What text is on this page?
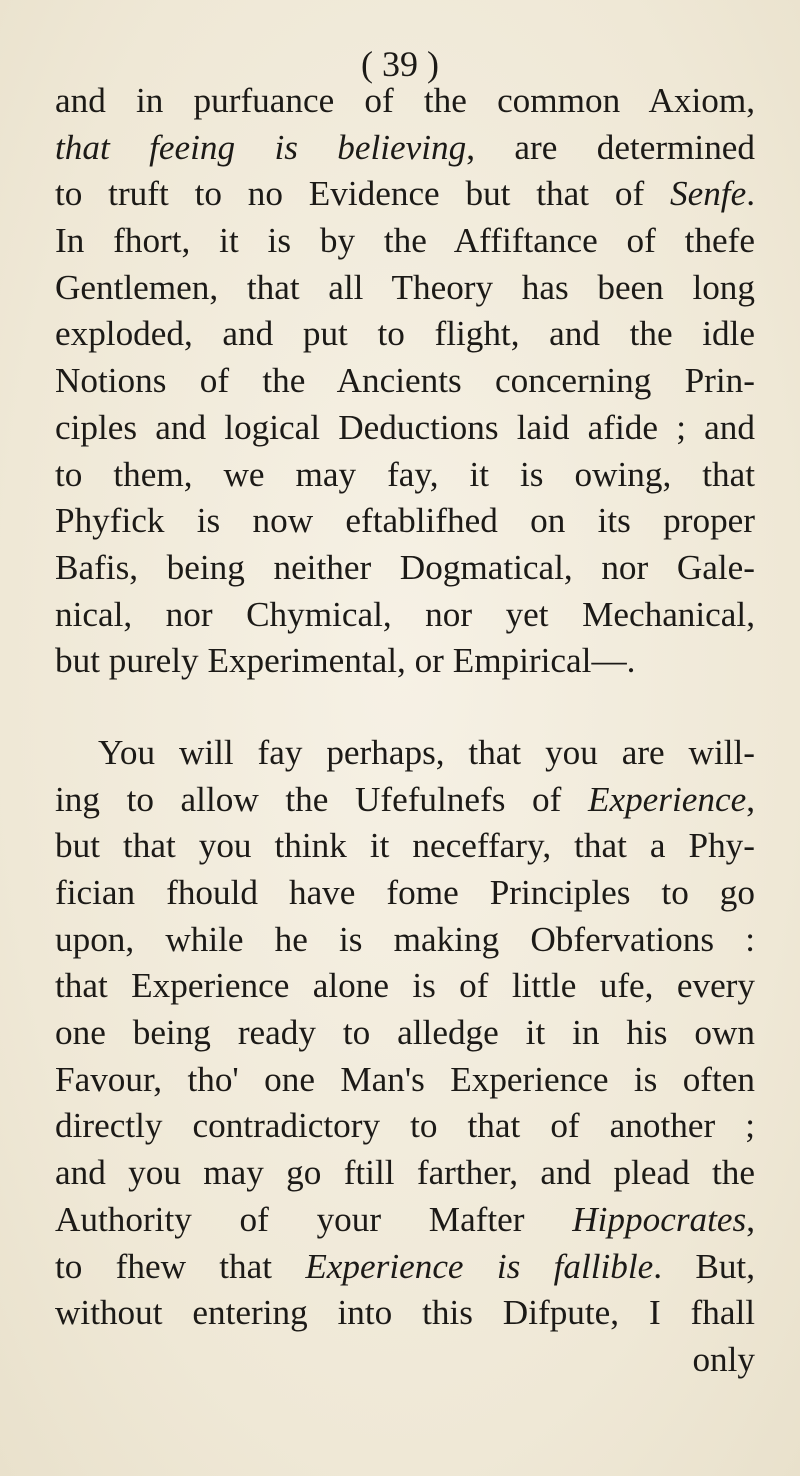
( 39 )
and in purfuance of the common Axiom,
that feeing is believing, are determined
to truft to no Evidence but that of Senfe.
In fhort, it is by the Affiftance of thefe
Gentlemen, that all Theory has been long
exploded, and put to flight, and the idle
Notions of the Ancients concerning Prin-
ciples and logical Deductions laid afide ; and
to them, we may fay, it is owing, that
Phyfick is now eftablifhed on its proper
Bafis, being neither Dogmatical, nor Gale-
nical, nor Chymical, nor yet Mechanical,
but purely Experimental, or Empirical—.
You will fay perhaps, that you are will-
ing to allow the Ufefulnefs of Experience,
but that you think it neceffary, that a Phy-
fician fhould have fome Principles to go
upon, while he is making Obfervations :
that Experience alone is of little ufe, every
one being ready to alledge it in his own
Favour, tho' one Man's Experience is often
directly contradictory to that of another ;
and you may go ftill farther, and plead the
Authority of your Mafter Hippocrates,
to fhew that Experience is fallible. But,
without entering into this Difpute, I fhall
only
